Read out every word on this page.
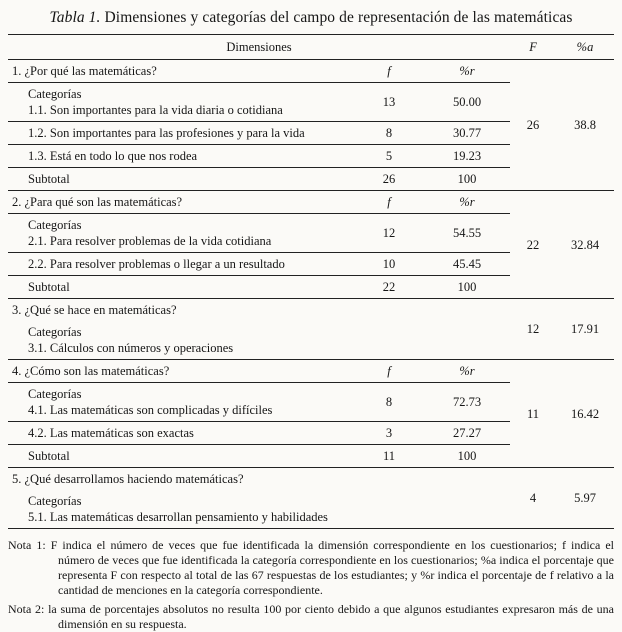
Tabla 1. Dimensiones y categorías del campo de representación de las matemáticas
Dimensiones			F	%a
1. ¿Por qué las matemáticas?	f	%r	26	38.8

Categorías
1.1. Son importantes para la vida diaria o cotidiana	13	50.00		
1.2. Son importantes para las profesiones y para la vida	8	30.77		
1.3. Está en todo lo que nos rodea	5	19.23		
Subtotal	26	100		
2. ¿Para qué son las matemáticas?	f	%r	22	32.84

Categorías
2.1. Para resolver problemas de la vida cotidiana	12	54.55		
2.2. Para resolver problemas o llegar a un resultado	10	45.45		
Subtotal	22	100		
3. ¿Qué se hace en matemáticas?			12	17.91

Categorías
3.1. Cálculos con números y operaciones				

4. ¿Cómo son las matemáticas?	f	%r	11	16.42

Categorías
4.1. Las matemáticas son complicadas y difíciles	8	72.73		
4.2. Las matemáticas son exactas	3	27.27		
Subtotal	11	100		
5. ¿Qué desarrollamos haciendo matemáticas?			4	5.97

Categorías
5.1. Las matemáticas desarrollan pensamiento y habilidades				

Nota 1: F indica el número de veces que fue identificada la dimensión correspondiente en los cuestionarios; f indica el número de veces que fue identificada la categoría correspondiente en los cuestionarios; %a indica el porcentaje que representa F con respecto al total de las 67 respuestas de los estudiantes; y %r indica el porcentaje de f relativo a la cantidad de menciones en la categoría correspondiente.

Nota 2: la suma de porcentajes absolutos no resulta 100 por ciento debido a que algunos estudiantes expresaron más de una dimensión en su respuesta.
